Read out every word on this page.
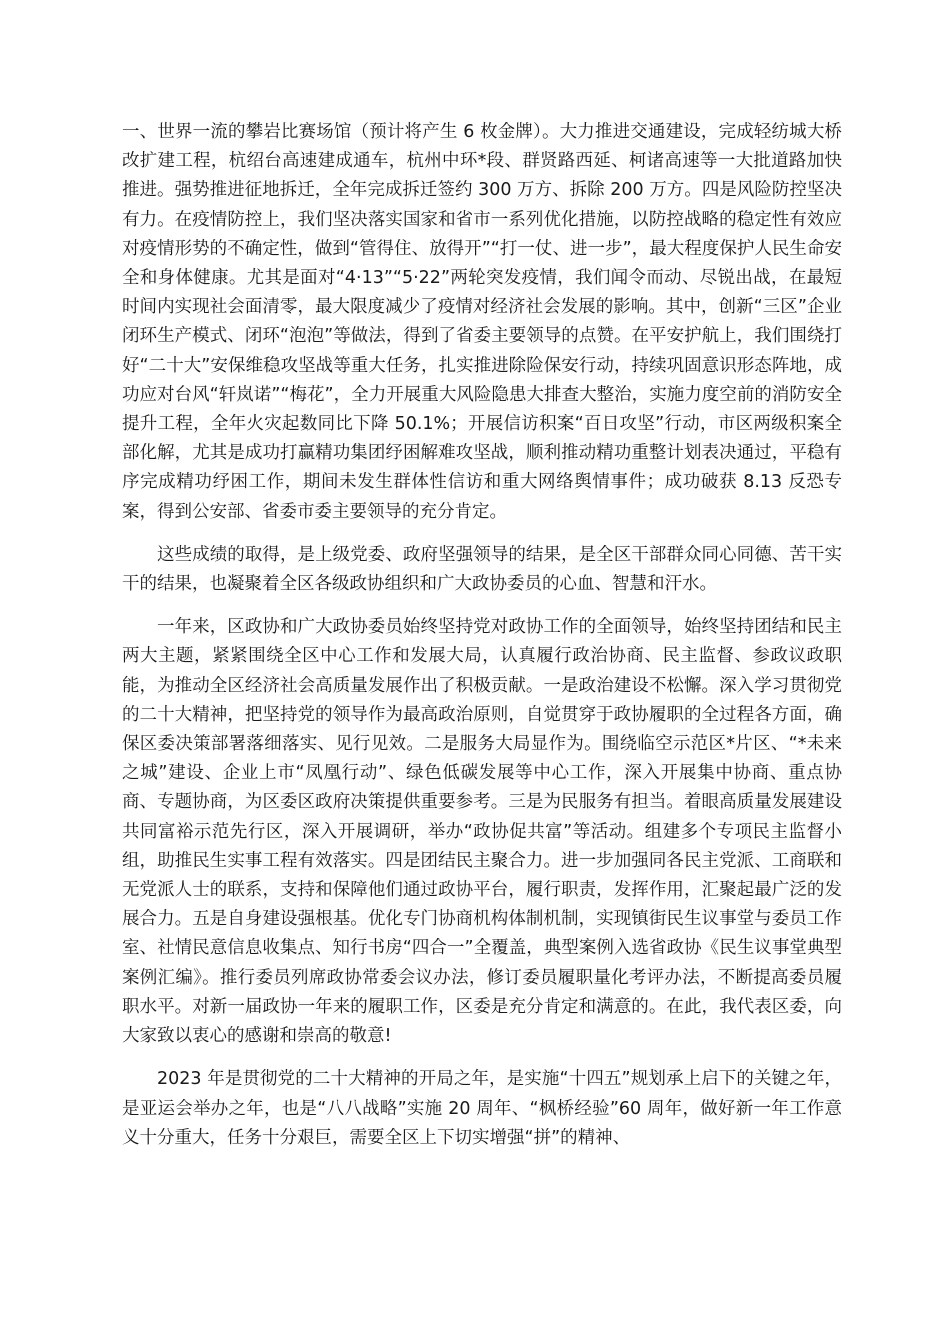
一、世界一流的攀岩比赛场馆（预计将产生 6 枚金牌）。大力推进交通建设，完成轻纺城大桥改扩建工程，杭绍台高速建成通车，杭州中环*段、群贤路西延、柯诸高速等一大批道路加快推进。强势推进征地拆迁，全年完成拆迁签约 300 万方、拆除 200 万方。四是风险防控坚决有力。在疫情防控上，我们坚决落实国家和省市一系列优化措施，以防控战略的稳定性有效应对疫情形势的不确定性，做到“管得住、放得开”“打一仗、进一步”，最大程度保护人民生命安全和身体健康。尤其是面对“4·13”“5·22”两轮突发疫情，我们闻令而动、尽锐出战，在最短时间内实现社会面清零，最大限度减少了疫情对经济社会发展的影响。其中，创新“三区”企业闭环生产模式、闭环“泡泡”等做法，得到了省委主要领导的点赞。在平安护航上，我们围绕打好“二十大”安保维稳攻坚战等重大任务，扎实推进除险保安行动，持续巩固意识形态阵地，成功应对台风“轩岚诺”“梅花”，全力开展重大风险隐患大排查大整治，实施力度空前的消防安全提升工程，全年火灾起数同比下降 50.1%；开展信访积案“百日攻坚”行动，市区两级积案全部化解，尤其是成功打赢精功集团纾困解难攻坚战，顺利推动精功重整计划表决通过，平稳有序完成精功纾困工作，期间未发生群体性信访和重大网络舆情事件；成功破获 8.13 反恐专案，得到公安部、省委市委主要领导的充分肯定。

这些成绩的取得，是上级党委、政府坚强领导的结果，是全区干部群众同心同德、苦干实干的结果，也凝聚着全区各级政协组织和广大政协委员的心血、智慧和汗水。

一年来，区政协和广大政协委员始终坚持党对政协工作的全面领导，始终坚持团结和民主两大主题，紧紧围绕全区中心工作和发展大局，认真履行政治协商、民主监督、参政议政职能，为推动全区经济社会高质量发展作出了积极贡献。一是政治建设不松懈。深入学习贯彻党的二十大精神，把坚持党的领导作为最高政治原则，自觉贯穿于政协履职的全过程各方面，确保区委决策部署落细落实、见行见效。二是服务大局显作为。围绕临空示范区*片区、“*未来之城”建设、企业上市“凤凰行动”、绿色低碳发展等中心工作，深入开展集中协商、重点协商、专题协商，为区委区政府决策提供重要参考。三是为民服务有担当。着眼高质量发展建设共同富裕示范先行区，深入开展调研，举办“政协促共富”等活动。组建多个专项民主监督小组，助推民生实事工程有效落实。四是团结民主聚合力。进一步加强同各民主党派、工商联和无党派人士的联系，支持和保障他们通过政协平台，履行职责，发挥作用，汇聚起最广泛的发展合力。五是自身建设强根基。优化专门协商机构体制机制，实现镇街民生议事堂与委员工作室、社情民意信息收集点、知行书房“四合一”全覆盖，典型案例入选省政协《民生议事堂典型案例汇编》。推行委员列席政协常委会议办法，修订委员履职量化考评办法，不断提高委员履职水平。对新一届政协一年来的履职工作，区委是充分肯定和满意的。在此，我代表区委，向大家致以衷心的感谢和崇高的敬意!

2023 年是贯彻党的二十大精神的开局之年，是实施“十四五”规划承上启下的关键之年，是亚运会举办之年，也是“八八战略”实施 20 周年、“枫桥经验”60 周年，做好新一年工作意义十分重大，任务十分艰巨，需要全区上下切实增强“拼”的精神、
